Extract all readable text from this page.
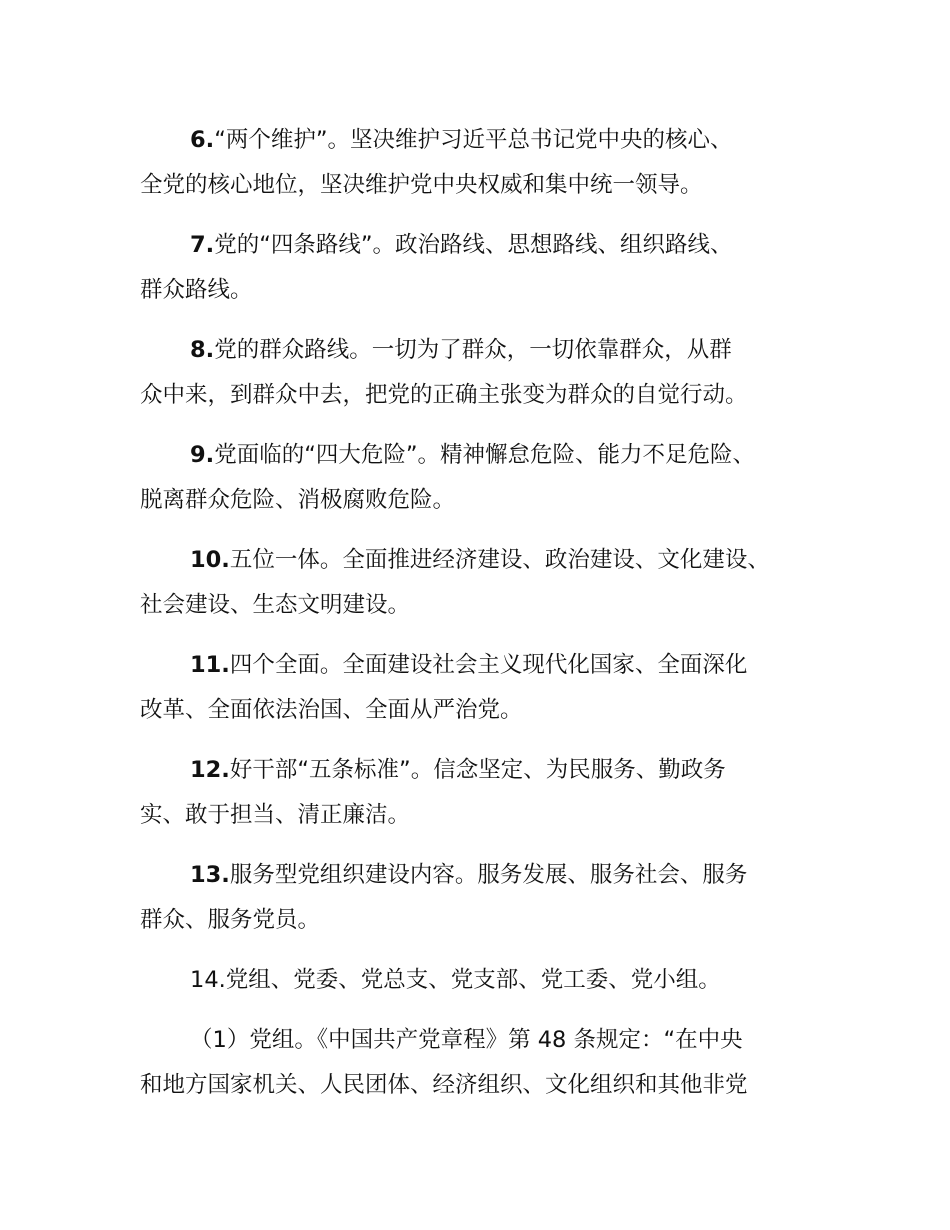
6.“两个维护”。坚决维护习近平总书记党中央的核心、
全党的核心地位，坚决维护党中央权威和集中统一领导。
7.党的“四条路线”。政治路线、思想路线、组织路线、
群众路线。
8.党的群众路线。一切为了群众，一切依靠群众，从群
众中来，到群众中去，把党的正确主张变为群众的自觉行动。
9.党面临的“四大危险”。精神懈怠危险、能力不足危险、
脱离群众危险、消极腐败危险。
10.五位一体。全面推进经济建设、政治建设、文化建设、
社会建设、生态文明建设。
11.四个全面。全面建设社会主义现代化国家、全面深化
改革、全面依法治国、全面从严治党。
12.好干部“五条标准”。信念坚定、为民服务、勤政务
实、敢于担当、清正廉洁。
13.服务型党组织建设内容。服务发展、服务社会、服务
群众、服务党员。
14.党组、党委、党总支、党支部、党工委、党小组。
（1）党组。《中国共产党章程》第 48 条规定：“在中央
和地方国家机关、人民团体、经济组织、文化组织和其他非党
